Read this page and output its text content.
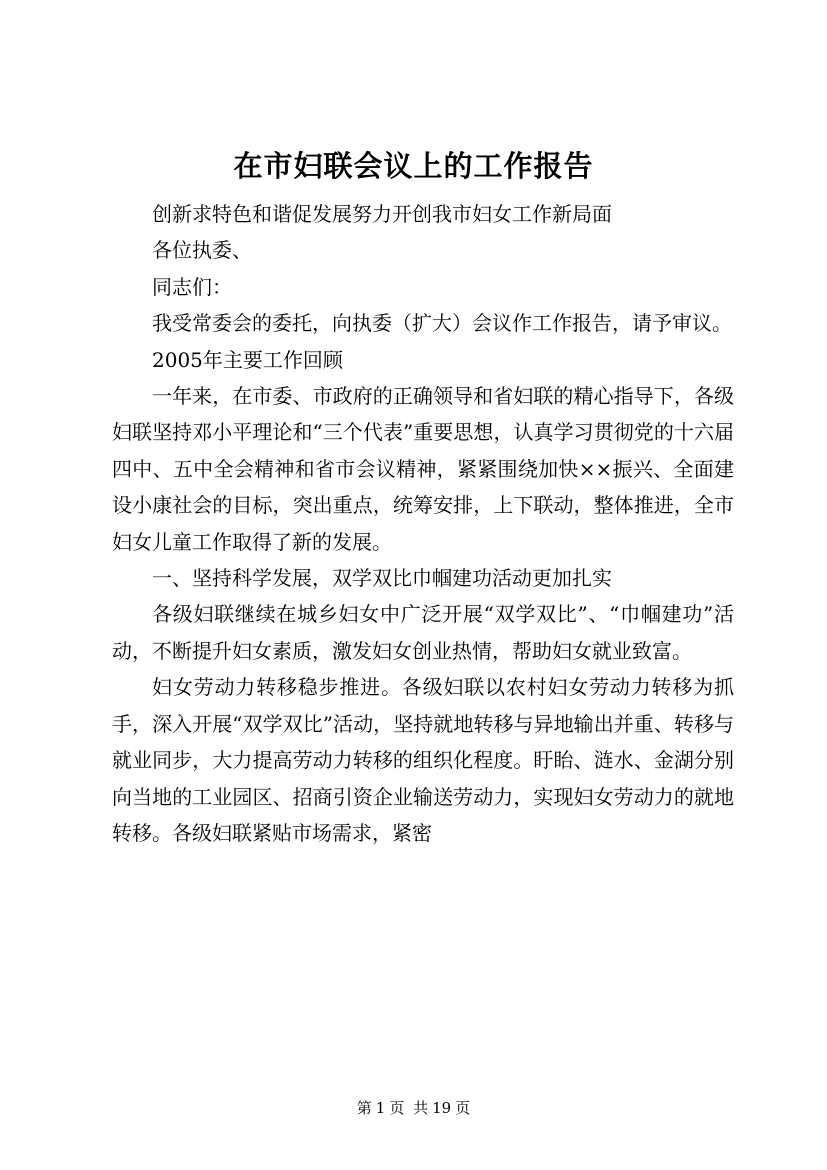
在市妇联会议上的工作报告

创新求特色和谐促发展努力开创我市妇女工作新局面

各位执委、

同志们：

我受常委会的委托，向执委（扩大）会议作工作报告，请予审议。

2005年主要工作回顾

一年来，在市委、市政府的正确领导和省妇联的精心指导下，各级妇联坚持邓小平理论和“三个代表”重要思想，认真学习贯彻党的十六届四中、五中全会精神和省市会议精神，紧紧围绕加快××振兴、全面建设小康社会的目标，突出重点，统筹安排，上下联动，整体推进，全市妇女儿童工作取得了新的发展。

一、坚持科学发展，双学双比巾帼建功活动更加扎实

各级妇联继续在城乡妇女中广泛开展“双学双比”、“巾帼建功”活动，不断提升妇女素质，激发妇女创业热情，帮助妇女就业致富。

妇女劳动力转移稳步推进。各级妇联以农村妇女劳动力转移为抓手，深入开展“双学双比”活动，坚持就地转移与异地输出并重、转移与就业同步，大力提高劳动力转移的组织化程度。盱眙、涟水、金湖分别向当地的工业园区、招商引资企业输送劳动力，实现妇女劳动力的就地转移。各级妇联紧贴市场需求，紧密

第 1 页 共 19 页
